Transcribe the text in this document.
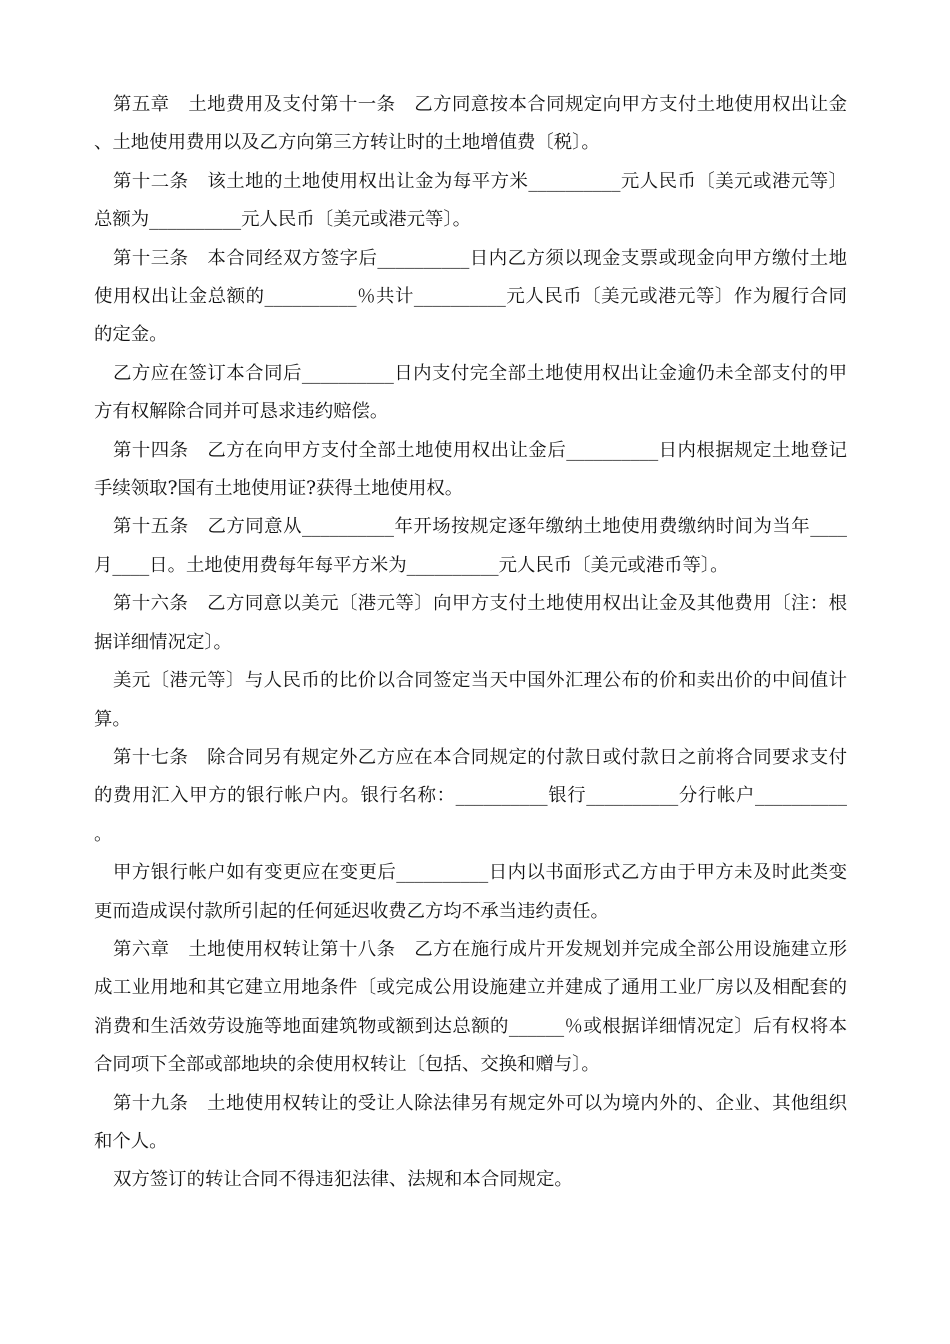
第五章　土地费用及支付第十一条　乙方同意按本合同规定向甲方支付土地使用权出让金、土地使用费用以及乙方向第三方转让时的土地增值费〔税〕。

第十二条　该土地的土地使用权出让金为每平方米__________元人民币〔美元或港元等〕总额为__________元人民币〔美元或港元等〕。

第十三条　本合同经双方签字后__________日内乙方须以现金支票或现金向甲方缴付土地使用权出让金总额的__________％共计__________元人民币〔美元或港元等〕作为履行合同的定金。

乙方应在签订本合同后__________日内支付完全部土地使用权出让金逾仍未全部支付的甲方有权解除合同并可恳求违约赔偿。

第十四条　乙方在向甲方支付全部土地使用权出让金后__________日内根据规定土地登记手续领取?国有土地使用证?获得土地使用权。

第十五条　乙方同意从__________年开场按规定逐年缴纳土地使用费缴纳时间为当年____月____日。土地使用费每年每平方米为__________元人民币〔美元或港币等〕。

第十六条　乙方同意以美元〔港元等〕向甲方支付土地使用权出让金及其他费用〔注：根据详细情况定〕。

美元〔港元等〕与人民币的比价以合同签定当天中国外汇理公布的价和卖出价的中间值计算。

第十七条　除合同另有规定外乙方应在本合同规定的付款日或付款日之前将合同要求支付的费用汇入甲方的银行帐户内。银行名称：__________银行__________分行帐户__________。

甲方银行帐户如有变更应在变更后__________日内以书面形式乙方由于甲方未及时此类变更而造成误付款所引起的任何延迟收费乙方均不承当违约责任。

第六章　土地使用权转让第十八条　乙方在施行成片开发规划并完成全部公用设施建立形成工业用地和其它建立用地条件〔或完成公用设施建立并建成了通用工业厂房以及相配套的消费和生活效劳设施等地面建筑物或额到达总额的______％或根据详细情况定〕后有权将本合同项下全部或部地块的余使用权转让〔包括、交换和赠与〕。

第十九条　土地使用权转让的受让人除法律另有规定外可以为境内外的、企业、其他组织和个人。

双方签订的转让合同不得违犯法律、法规和本合同规定。
